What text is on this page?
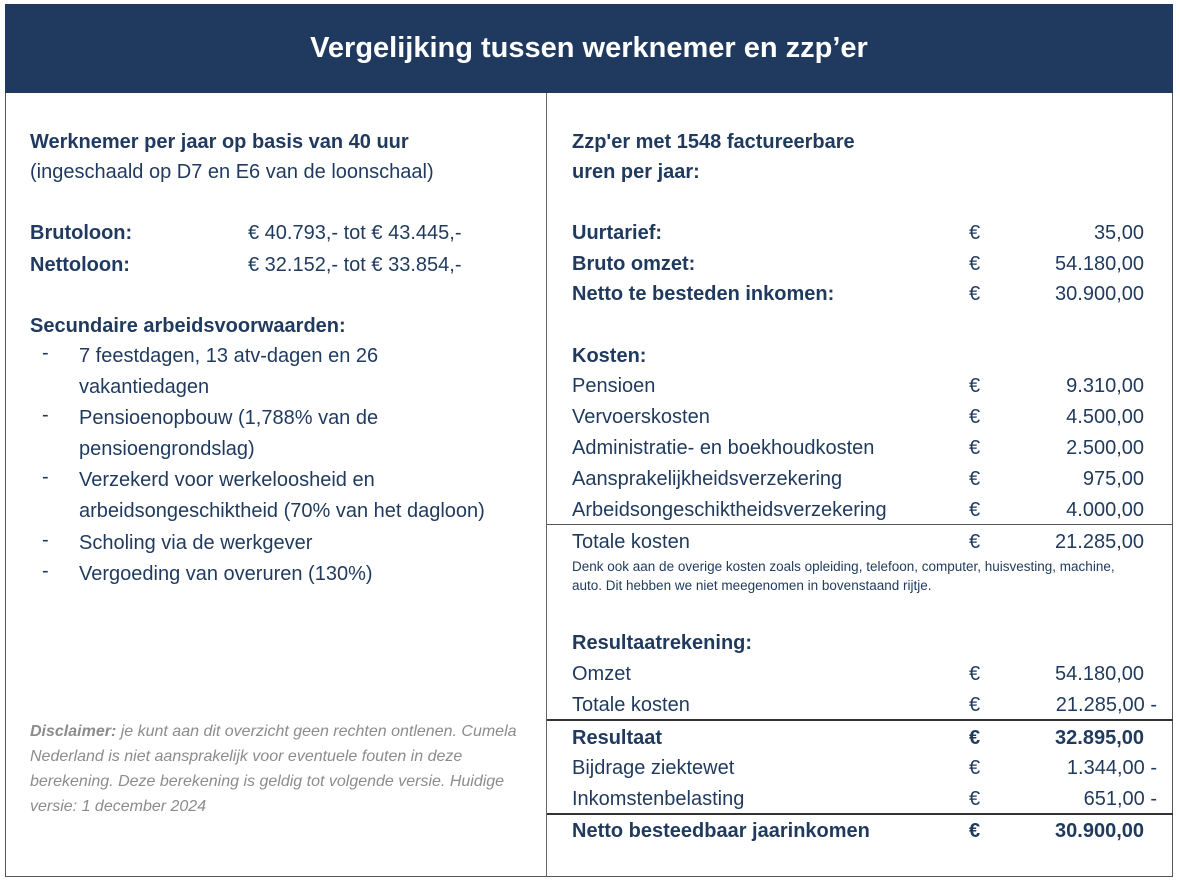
Vergelijking tussen werknemer en zzp’er
Werknemer per jaar op basis van 40 uur
(ingeschaald op D7 en E6 van de loonschaal)
Brutoloon:	€ 40.793,- tot € 43.445,-
Nettoloon:	€ 32.152,- tot € 33.854,-
Secundaire arbeidsvoorwaarden:
- 7 feestdagen, 13 atv-dagen en 26
vakantiedagen
- Pensioenopbouw (1,788% van de
pensioengrondslag)
- Verzekerd voor werkeloosheid en
arbeidsongeschiktheid (70% van het dagloon)
- Scholing via de werkgever
- Vergoeding van overuren (130%)
Disclaimer: je kunt aan dit overzicht geen rechten ontlenen. Cumela Nederland is niet aansprakelijk voor eventuele fouten in deze berekening. Deze berekening is geldig tot volgende versie. Huidige versie: 1 december 2024
Zzp'er met 1548 factureerbare
uren per jaar:
Uurtarief:	€	35,00
Bruto omzet:	€	54.180,00
Netto te besteden inkomen:	€	30.900,00
Kosten:
Pensioen	€	9.310,00
Vervoerskosten	€	4.500,00
Administratie- en boekhoudkosten	€	2.500,00
Aansprakelijkheidsverzekering	€	975,00
Arbeidsongeschiktheidsverzekering	€	4.000,00
Totale kosten	€	21.285,00
Denk ook aan de overige kosten zoals opleiding, telefoon, computer, huisvesting, machine, auto. Dit hebben we niet meegenomen in bovenstaand rijtje.
Resultaatrekening:
Omzet	€	54.180,00
Totale kosten	€	21.285,00 -
Resultaat	€	32.895,00
Bijdrage ziektewet	€	1.344,00 -
Inkomstenbelasting	€	651,00 -
Netto besteedbaar jaarinkomen	€	30.900,00
